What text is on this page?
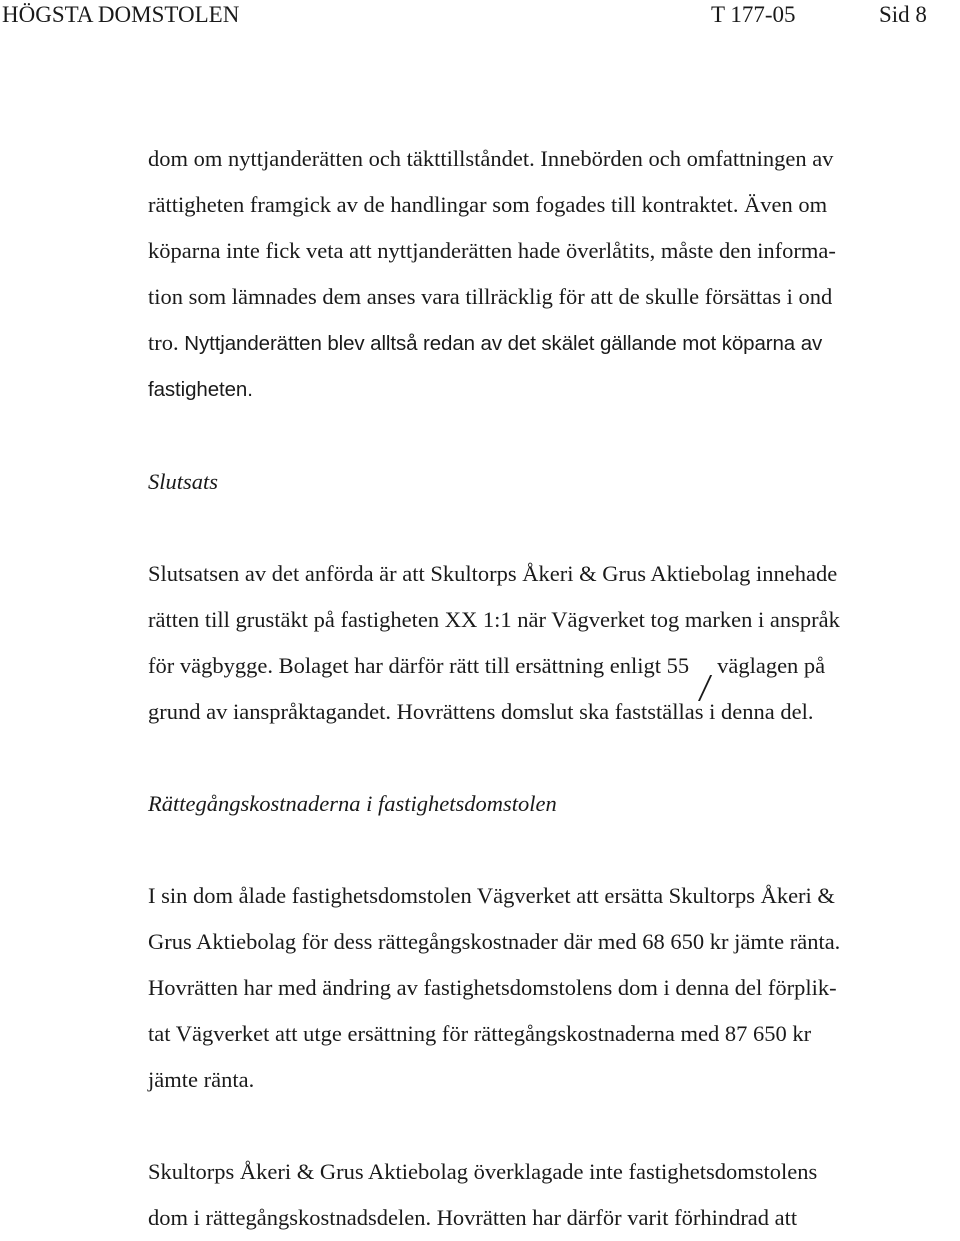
HÖGSTA DOMSTOLEN	T 177-05	Sid 8

dom om nyttjanderätten och täkttillståndet. Innebörden och omfattningen av
rättigheten framgick av de handlingar som fogades till kontraktet. Även om
köparna inte fick veta att nyttjanderätten hade överlåtits, måste den informa-
tion som lämnades dem anses vara tillräcklig för att de skulle försättas i ond
tro. Nyttjanderätten blev alltså redan av det skälet gällande mot köparna av
fastigheten.

Slutsats

Slutsatsen av det anförda är att Skultorps Åkeri & Grus Aktiebolag innehade
rätten till grustäkt på fastigheten XX 1:1 när Vägverket tog marken i anspråk
för vägbygge. Bolaget har därför rätt till ersättning enligt 55 väglagen på
grund av ianspråktagandet. Hovrättens domslut ska fastställas i denna del.

Rättegångskostnaderna i fastighetsdomstolen

I sin dom ålade fastighetsdomstolen Vägverket att ersätta Skultorps Åkeri &
Grus Aktiebolag för dess rättegångskostnader där med 68 650 kr jämte ränta.
Hovrätten har med ändring av fastighetsdomstolens dom i denna del förplik-
tat Vägverket att utge ersättning för rättegångskostnaderna med 87 650 kr
jämte ränta.

Skultorps Åkeri & Grus Aktiebolag överklagade inte fastighetsdomstolens
dom i rättegångskostnadsdelen. Hovrätten har därför varit förhindrad att
